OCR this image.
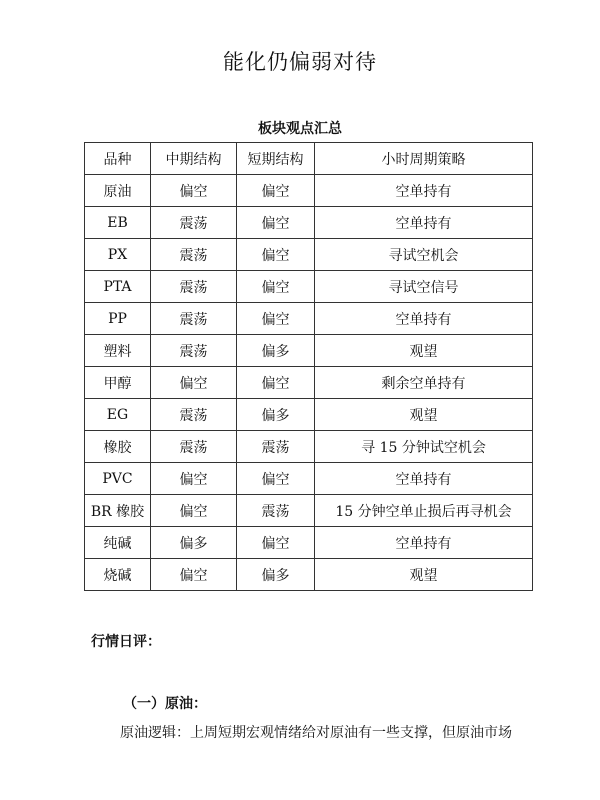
能化仍偏弱对待
板块观点汇总
品种	中期结构	短期结构	小时周期策略
原油	偏空	偏空	空单持有
EB	震荡	偏空	空单持有
PX	震荡	偏空	寻试空机会
PTA	震荡	偏空	寻试空信号
PP	震荡	偏空	空单持有
塑料	震荡	偏多	观望
甲醇	偏空	偏空	剩余空单持有
EG	震荡	偏多	观望
橡胶	震荡	震荡	寻 15 分钟试空机会
PVC	偏空	偏空	空单持有
BR 橡胶	偏空	震荡	15 分钟空单止损后再寻机会
纯碱	偏多	偏空	空单持有
烧碱	偏空	偏多	观望
行情日评：
（一）原油：
原油逻辑：上周短期宏观情绪给对原油有一些支撑，但原油市场
